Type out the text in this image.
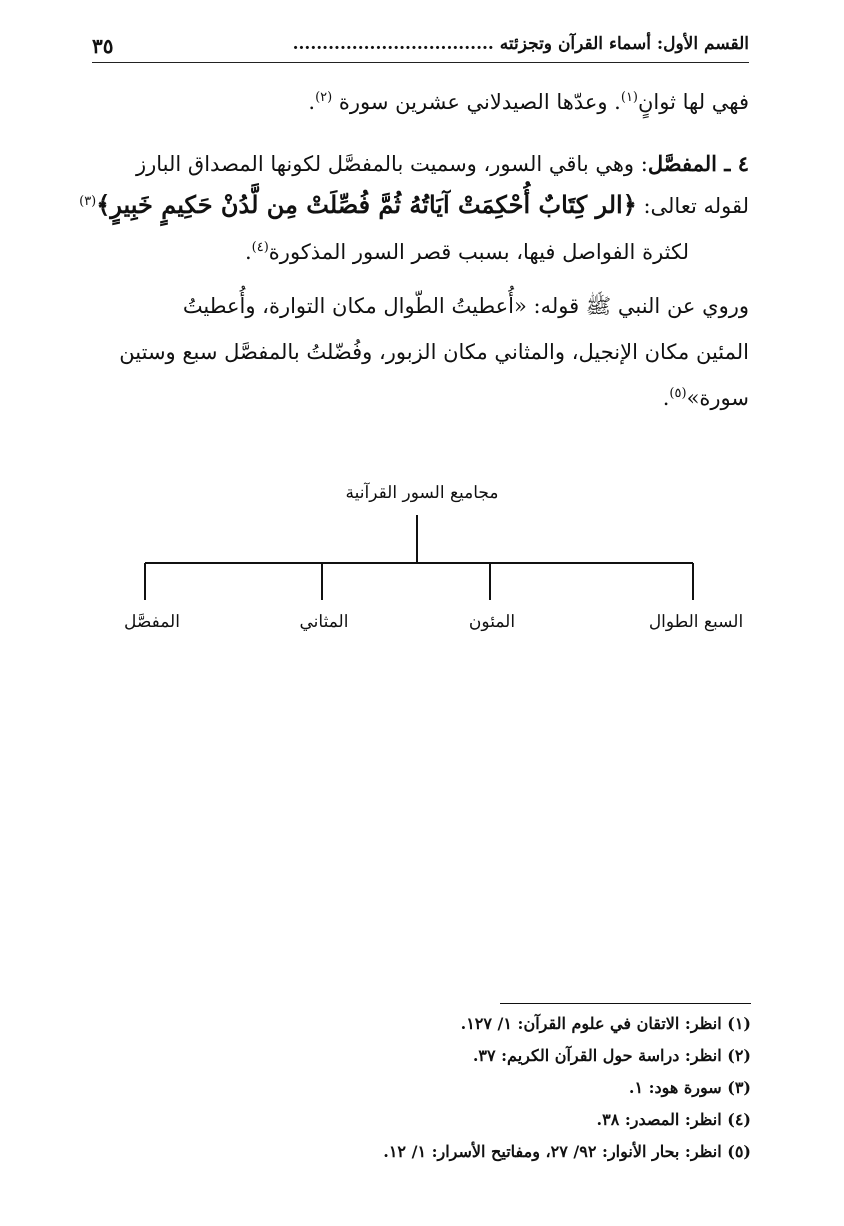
القسم الأول: أسماء القرآن وتجزئته ..................................
٣٥
فهي لها ثوانٍ$^{(١)}$. وعدّها الصيدلاني عشرين سورة $^{(٢)}$.
٤ ـ المفصَّل: وهي باقي السور، وسميت بالمفصَّل لكونها المصداق البارز
لقوله تعالى: ﴿الر كِتَابٌ أُحْكِمَتْ آيَاتُهُ ثُمَّ فُصِّلَتْ مِن لَّدُنْ حَكِيمٍ خَبِيرٍ﴾$^{(٣)}$
لكثرة الفواصل فيها، بسبب قصر السور المذكورة$^{(٤)}$.
وروي عن النبي ﷺ قوله: «أُعطيتُ الطّوال مكان التوارة، وأُعطيتُ
المئين مكان الإنجيل، والمثاني مكان الزبور، وفُضّلتُ بالمفصَّل سبع وستين
سورة»$^{(٥)}$.
مجاميع السور القرآنية
السبع الطوال
المئون
المثاني
المفصَّل
(١) انظر: الاتقان في علوم القرآن: ١/ ١٢٧.
(٢) انظر: دراسة حول القرآن الكريم: ٣٧.
(٣) سورة هود: ١.
(٤) انظر: المصدر: ٣٨.
(٥) انظر: بحار الأنوار: ٩٢/ ٢٧، ومفاتيح الأسرار: ١/ ١٢.
